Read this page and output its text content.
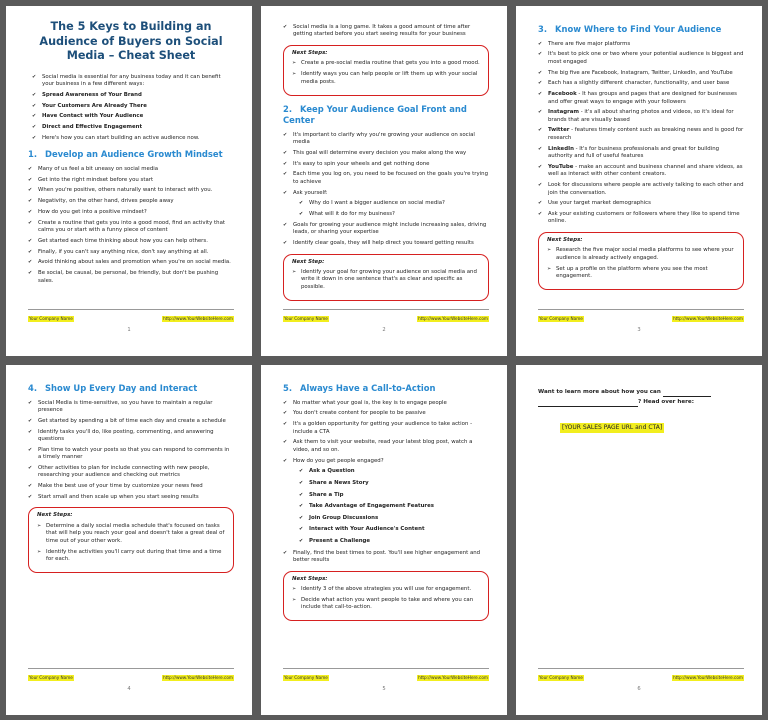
The 5 Keys to Building an Audience of Buyers on Social Media – Cheat Sheet
✔ Social media is essential for any business today and it can benefit your business in a few different ways:
✔ Spread Awareness of Your Brand
✔ Your Customers Are Already There
✔ Have Contact with Your Audience
✔ Direct and Effective Engagement
✔ Here's how you can start building an active audience now.
1. Develop an Audience Growth Mindset
✔ Many of us feel a bit uneasy on social media
✔ Get into the right mindset before you start
✔ When you're positive, others naturally want to interact with you.
✔ Negativity, on the other hand, drives people away
✔ How do you get into a positive mindset?
✔ Create a routine that gets you into a good mood, find an activity that calms you or start with a funny piece of content
✔ Get started each time thinking about how you can help others.
✔ Finally, if you can't say anything nice, don't say anything at all.
✔ Avoid thinking about sales and promotion when you're on social media.
✔ Be social, be causal, be personal, be friendly, but don't be pushing sales.
Your Company Name	http://www.YourWebsiteHere.com
1
✔ Social media is a long game. It takes a good amount of time after getting started before you start seeing results for your business
Next Steps:
➢ Create a pre-social media routine that gets you into a good mood.
➢ Identify ways you can help people or lift them up with your social media posts.
2. Keep Your Audience Goal Front and Center
✔ It's important to clarify why you're growing your audience on social media
✔ This goal will determine every decision you make along the way
✔ It's easy to spin your wheels and get nothing done
✔ Each time you log on, you need to be focused on the goals you're trying to achieve
✔ Ask yourself:
✔ Why do I want a bigger audience on social media?
✔ What will it do for my business?
✔ Goals for growing your audience might include increasing sales, driving leads, or sharing your expertise
✔ Identify clear goals, they will help direct you toward getting results
Next Step:
➢ Identify your goal for growing your audience on social media and write it down in one sentence that's as clear and specific as possible.
Your Company Name	http://www.YourWebsiteHere.com
2
3. Know Where to Find Your Audience
✔ There are five major platforms
✔ It's best to pick one or two where your potential audience is biggest and most engaged
✔ The big five are Facebook, Instagram, Twitter, LinkedIn, and YouTube
✔ Each has a slightly different character, functionality, and user base
✔ Facebook - It has groups and pages that are designed for businesses and offer great ways to engage with your followers
✔ Instagram - it's all about sharing photos and videos, so it's ideal for brands that are visually based
✔ Twitter - features timely content such as breaking news and is good for research
✔ LinkedIn - It's for business professionals and great for building authority and full of useful features
✔ YouTube - make an account and business channel and share videos, as well as interact with other content creators.
✔ Look for discussions where people are actively talking to each other and join the conversation.
✔ Use your target market demographics
✔ Ask your existing customers or followers where they like to spend time online.
Next Steps:
➢ Research the five major social media platforms to see where your audience is already actively engaged.
➢ Set up a profile on the platform where you see the most engagement.
Your Company Name	http://www.YourWebsiteHere.com
3
4. Show Up Every Day and Interact
✔ Social Media is time-sensitive, so you have to maintain a regular presence
✔ Get started by spending a bit of time each day and create a schedule
✔ Identify tasks you'll do, like posting, commenting, and answering questions
✔ Plan time to watch your posts so that you can respond to comments in a timely manner
✔ Other activities to plan for include connecting with new people, researching your audience and checking out metrics
✔ Make the best use of your time by customize your news feed
✔ Start small and then scale up when you start seeing results
Next Steps:
➢ Determine a daily social media schedule that's focused on tasks that will help you reach your goal and doesn't take a great deal of time out of your other work.
➢ Identify the activities you'll carry out during that time and a time for each.
Your Company Name	http://www.YourWebsiteHere.com
4
5. Always Have a Call-to-Action
✔ No matter what your goal is, the key is to engage people
✔ You don't create content for people to be passive
✔ It's a golden opportunity for getting your audience to take action - include a CTA
✔ Ask them to visit your website, read your latest blog post, watch a video, and so on.
✔ How do you get people engaged?
✔ Ask a Question
✔ Share a News Story
✔ Share a Tip
✔ Take Advantage of Engagement Features
✔ Join Group Discussions
✔ Interact with Your Audience's Content
✔ Present a Challenge
✔ Finally, find the best times to post. You'll see higher engagement and better results
Next Steps:
➢ Identify 3 of the above strategies you will use for engagement.
➢ Decide what action you want people to take and where you can include that call-to-action.
Your Company Name	http://www.YourWebsiteHere.com
5
Want to learn more about how you can
? Head over here:
[YOUR SALES PAGE URL and CTA]
Your Company Name	http://www.YourWebsiteHere.com
6
